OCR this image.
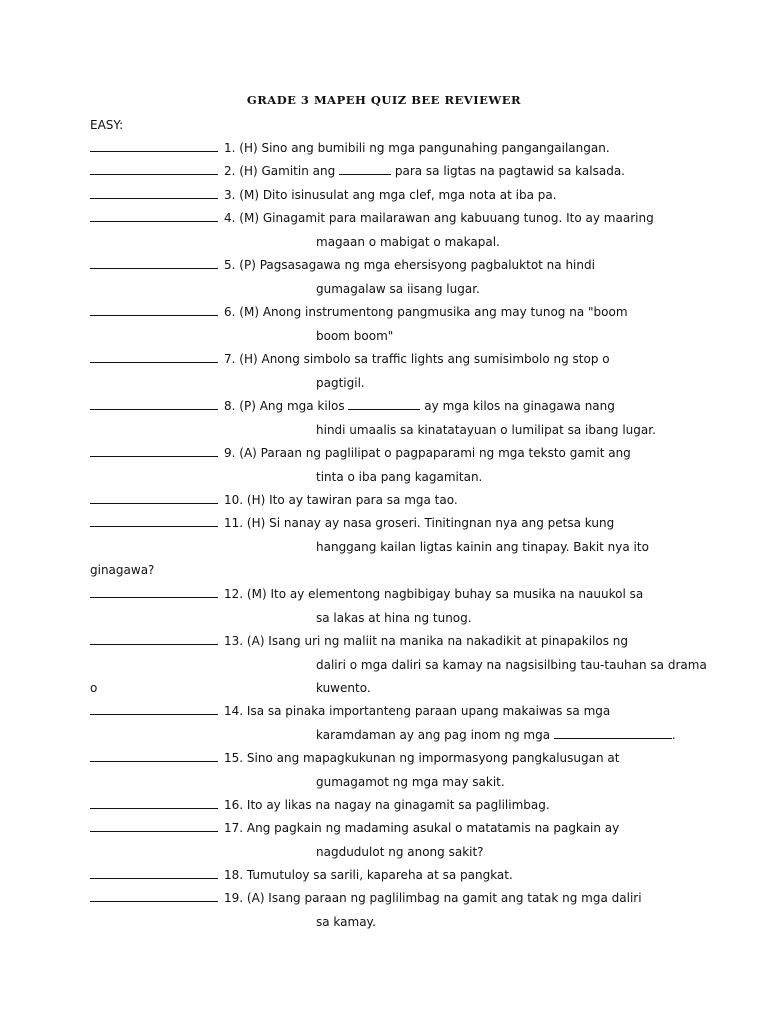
GRADE 3 MAPEH QUIZ BEE REVIEWER
EASY:
1. (H) Sino ang bumibili ng mga pangunahing pangangailangan.
2. (H) Gamitin ang	para sa ligtas na pagtawid sa kalsada.
3. (M) Dito isinusulat ang mga clef, mga nota at iba pa.
4. (M) Ginagamit para mailarawan ang kabuuang tunog. Ito ay maaring
magaan o mabigat o makapal.
5. (P) Pagsasagawa ng mga ehersisyong pagbaluktot na hindi
gumagalaw sa iisang lugar.
6. (M) Anong instrumentong pangmusika ang may tunog na "boom
boom boom"
7. (H) Anong simbolo sa traffic lights ang sumisimbolo ng stop o
pagtigil.
8. (P) Ang mga kilos	ay mga kilos na ginagawa nang
hindi umaalis sa kinatatayuan o lumilipat sa ibang lugar.
9. (A) Paraan ng paglilipat o pagpaparami ng mga teksto gamit ang
tinta o iba pang kagamitan.
10. (H) Ito ay tawiran para sa mga tao.
11. (H) Si nanay ay nasa groseri. Tinitingnan nya ang petsa kung
hanggang kailan ligtas kainin ang tinapay. Bakit nya ito
ginagawa?
12. (M) Ito ay elementong nagbibigay buhay sa musika na nauukol sa
sa lakas at hina ng tunog.
13. (A) Isang uri ng maliit na manika na nakadikit at pinapakilos ng
daliri o mga daliri sa kamay na nagsisilbing tau-tauhan sa drama
o	kuwento.
14. Isa sa pinaka importanteng paraan upang makaiwas sa mga
karamdaman ay ang pag inom ng mga	.
15. Sino ang mapagkukunan ng impormasyong pangkalusugan at
gumagamot ng mga may sakit.
16. Ito ay likas na nagay na ginagamit sa paglilimbag.
17. Ang pagkain ng madaming asukal o matatamis na pagkain ay
nagdudulot ng anong sakit?
18. Tumutuloy sa sarili, kapareha at sa pangkat.
19. (A) Isang paraan ng paglilimbag na gamit ang tatak ng mga daliri
sa kamay.
